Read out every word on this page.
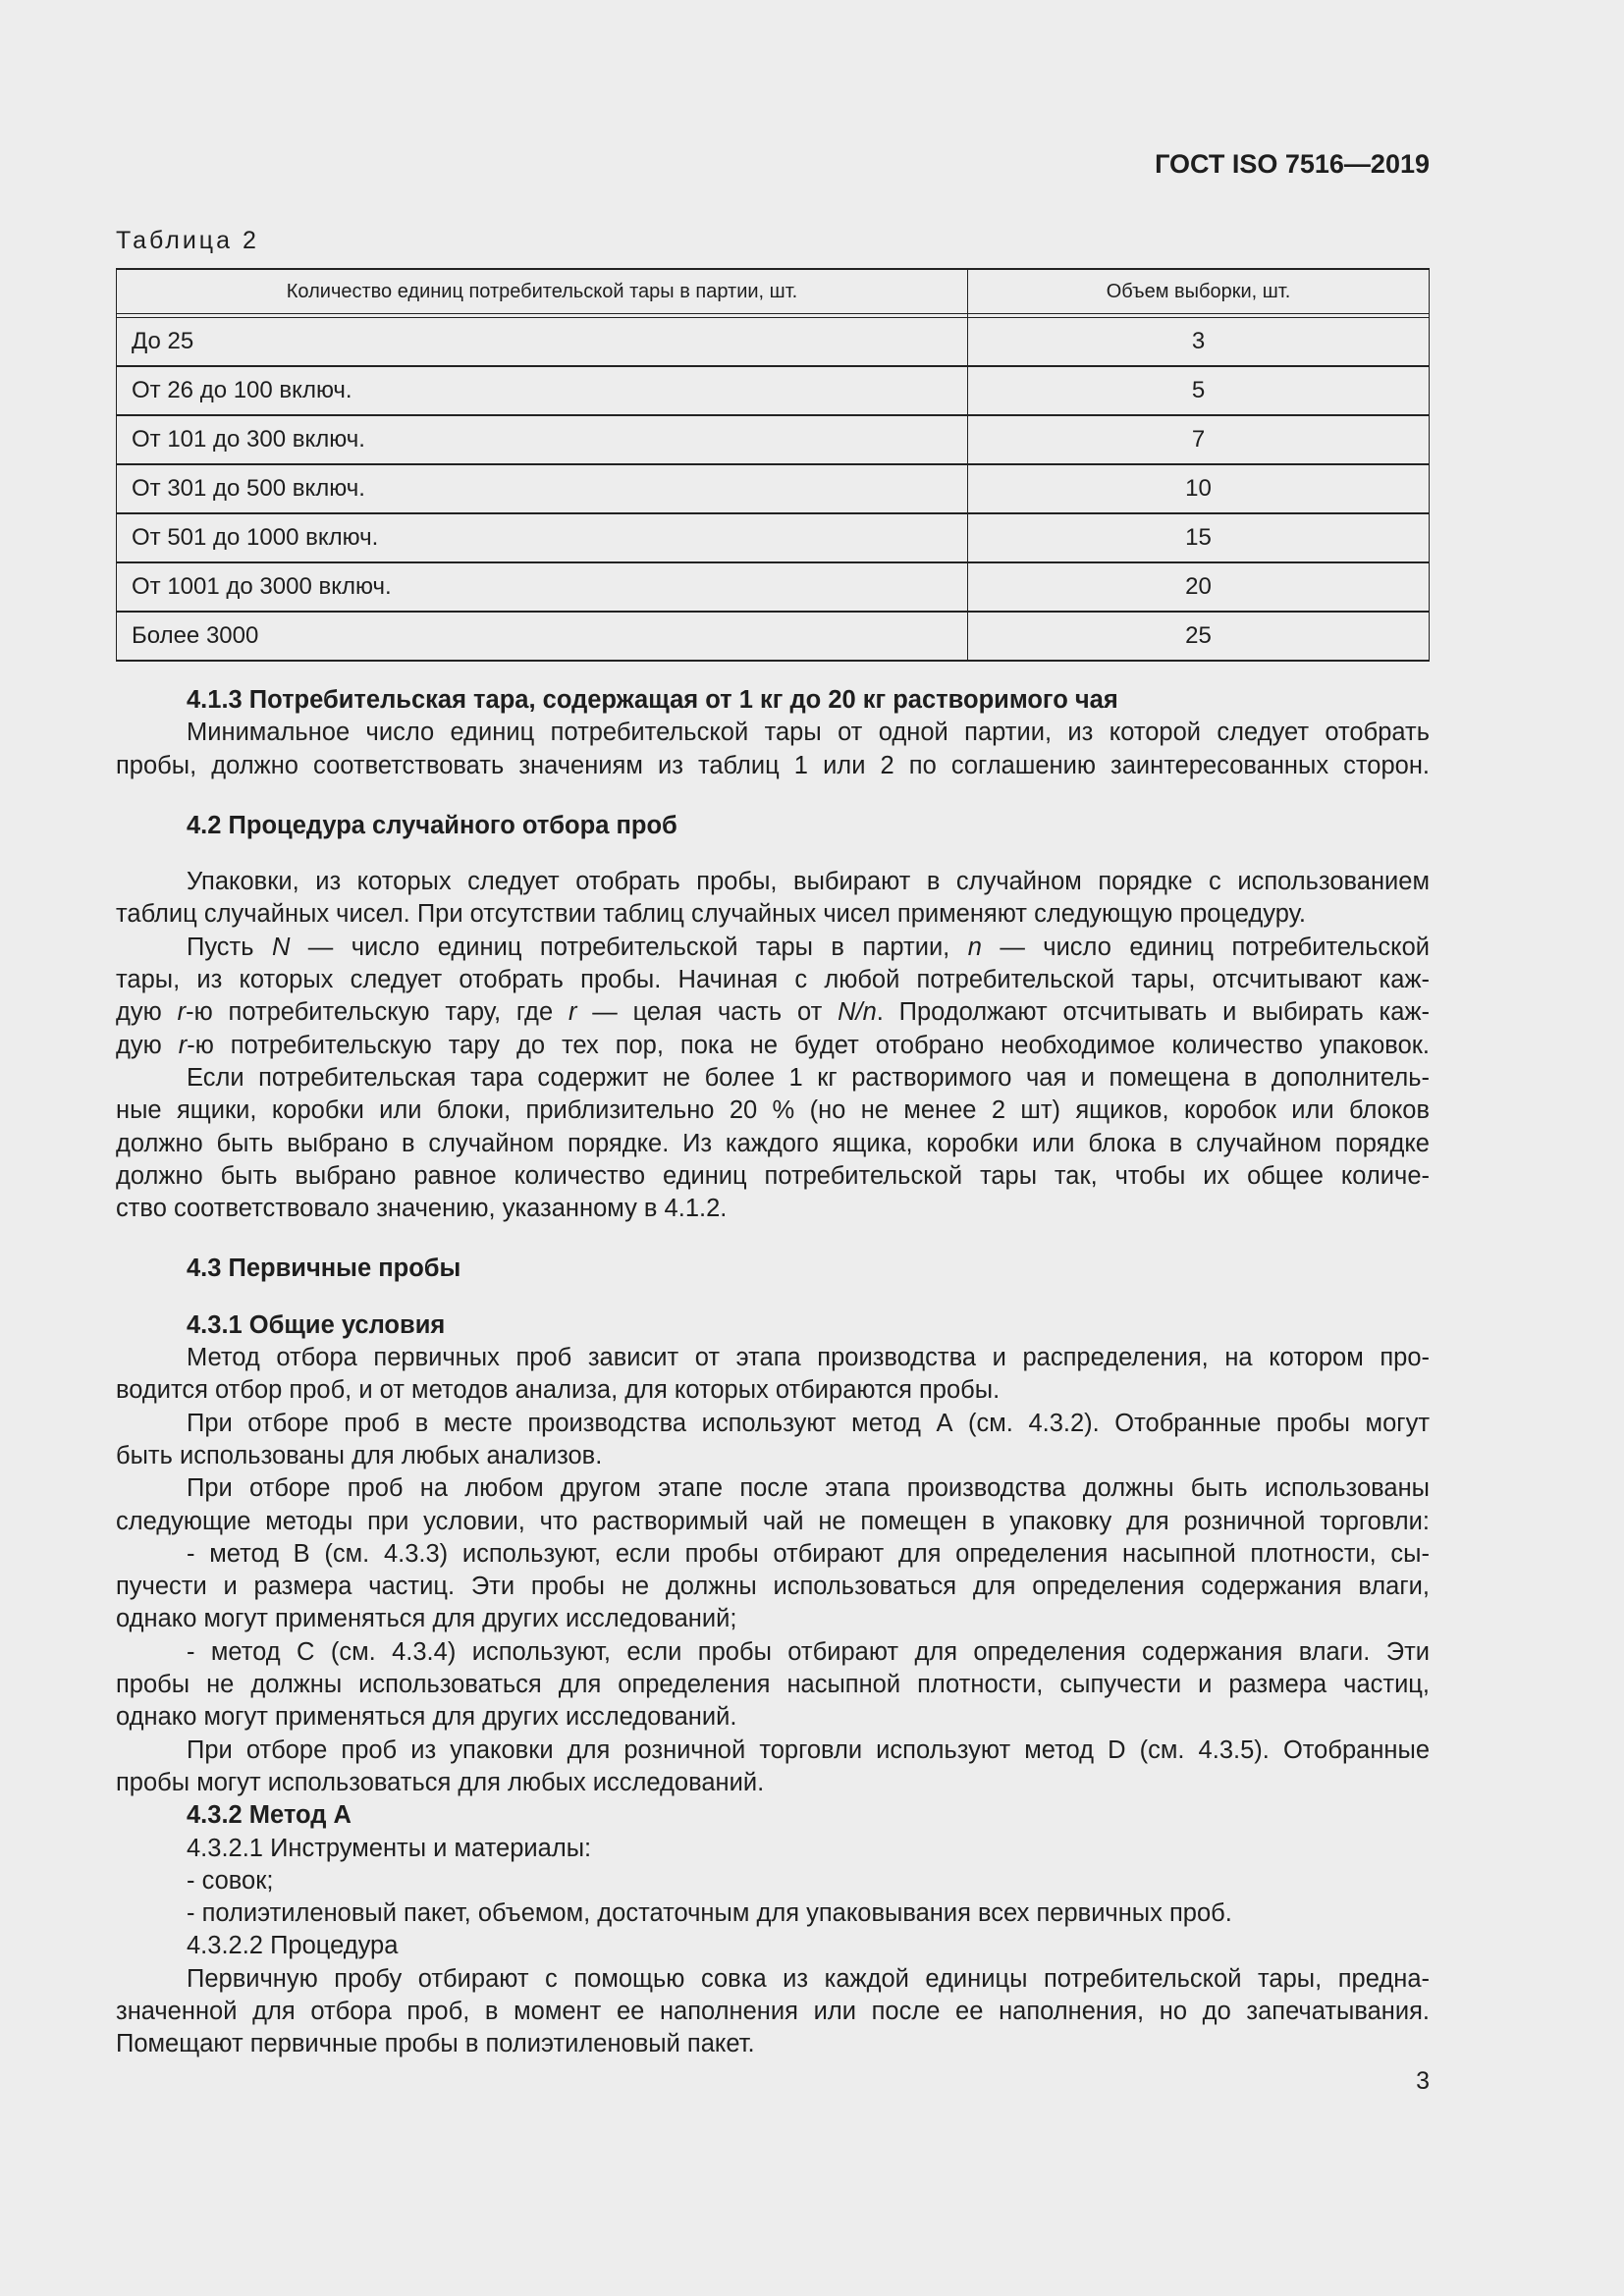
ГОСТ ISO 7516—2019
Таблица 2
Количество единиц потребительской тары в партии, шт.	Объем выборки, шт.
До 25	3
От 26 до 100 включ.	5
От 101 до 300 включ.	7
От 301 до 500 включ.	10
От 501 до 1000 включ.	15
От 1001 до 3000 включ.	20
Более 3000	25
4.1.3 Потребительская тара, содержащая от 1 кг до 20 кг растворимого чая
Минимальное число единиц потребительской тары от одной партии, из которой следует отобрать
пробы, должно соответствовать значениям из таблиц 1 или 2 по соглашению заинтересованных сторон.
4.2 Процедура случайного отбора проб
Упаковки, из которых следует отобрать пробы, выбирают в случайном порядке с использованием
таблиц случайных чисел. При отсутствии таблиц случайных чисел применяют следующую процедуру.
Пусть N — число единиц потребительской тары в партии, n — число единиц потребительской
тары, из которых следует отобрать пробы. Начиная с любой потребительской тары, отсчитывают каж-
дую r-ю потребительскую тару, где r — целая часть от N/n. Продолжают отсчитывать и выбирать каж-
дую r-ю потребительскую тару до тех пор, пока не будет отобрано необходимое количество упаковок.
Если потребительская тара содержит не более 1 кг растворимого чая и помещена в дополнитель-
ные ящики, коробки или блоки, приблизительно 20 % (но не менее 2 шт) ящиков, коробок или блоков
должно быть выбрано в случайном порядке. Из каждого ящика, коробки или блока в случайном порядке
должно быть выбрано равное количество единиц потребительской тары так, чтобы их общее количе-
ство соответствовало значению, указанному в 4.1.2.
4.3 Первичные пробы
4.3.1 Общие условия
Метод отбора первичных проб зависит от этапа производства и распределения, на котором про-
водится отбор проб, и от методов анализа, для которых отбираются пробы.
При отборе проб в месте производства используют метод А (см. 4.3.2). Отобранные пробы могут
быть использованы для любых анализов.
При отборе проб на любом другом этапе после этапа производства должны быть использованы
следующие методы при условии, что растворимый чай не помещен в упаковку для розничной торговли:
- метод В (см. 4.3.3) используют, если пробы отбирают для определения насыпной плотности, сы-
пучести и размера частиц. Эти пробы не должны использоваться для определения содержания влаги,
однако могут применяться для других исследований;
- метод С (см. 4.3.4) используют, если пробы отбирают для определения содержания влаги. Эти
пробы не должны использоваться для определения насыпной плотности, сыпучести и размера частиц,
однако могут применяться для других исследований.
При отборе проб из упаковки для розничной торговли используют метод D (см. 4.3.5). Отобранные
пробы могут использоваться для любых исследований.
4.3.2 Метод А
4.3.2.1 Инструменты и материалы:
- совок;
- полиэтиленовый пакет, объемом, достаточным для упаковывания всех первичных проб.
4.3.2.2 Процедура
Первичную пробу отбирают с помощью совка из каждой единицы потребительской тары, предна-
значенной для отбора проб, в момент ее наполнения или после ее наполнения, но до запечатывания.
Помещают первичные пробы в полиэтиленовый пакет.
3
